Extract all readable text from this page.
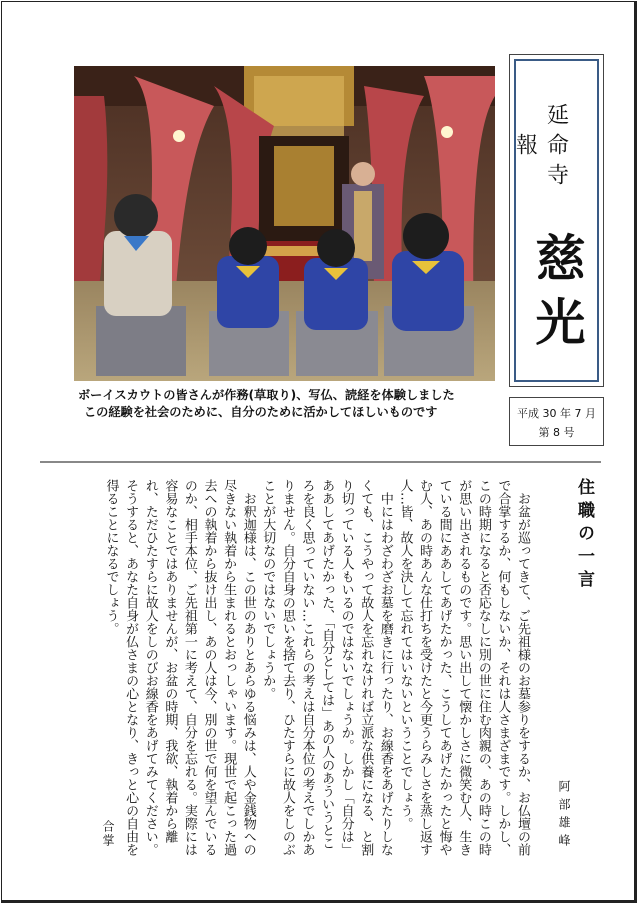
ボーイスカウトの皆さんが作務(草取り)、写仏、読経を体験しました
この経験を社会のために、自分のために活かしてほしいものです
延命寺報
慈光
平成 30 年 7 月
第 8 号
住職の一言
阿部雄峰

お盆が巡ってきて、ご先祖様のお墓参りをするか、お仏壇の前で合掌するか、何もしないか、それは人さまざまです。しかし、この時期になると否応なしに別の世に住む肉親の、あの時この時が思い出されるものです。思い出して懐かしさに微笑む人、生きている間にああしてあげたかった、こうしてあげたかったと悔やむ人、あの時あんな仕打ちを受けたと今更うらみしさを蒸し返す人…皆、故人を決して忘れてはいないということでしょう。

中にはわざわざお墓を磨きに行ったり、お線香をあげたりしなくても、こうやって故人を忘れなければ立派な供養になる、と割り切っている人もいるのではないでしょうか。しかし「自分は」ああしてあげたかった、「自分としては」あの人のあういうところを良く思っていない…これらの考えは自分本位の考えでしかありません。自分自身の思いを捨て去り、ひたすらに故人をしのぶことが大切なのではないでしょうか。

お釈迦様は、この世のありとあらゆる悩みは、人や金銭物への尽きない執着から生まれるとおっしゃいます。現世で起こった過去への執着から抜け出し、あの人は今、別の世で何を望んでいるのか、相手本位、ご先祖第一に考えて、自分を忘れる。実際には容易なことではありませんが、お盆の時期、我欲、執着から離れ、ただひたすらに故人をしのびお線香をあげてみてください。そうすると、あなた自身が仏さまの心となり、きっと心の自由を得ることになるでしょう。

合掌
